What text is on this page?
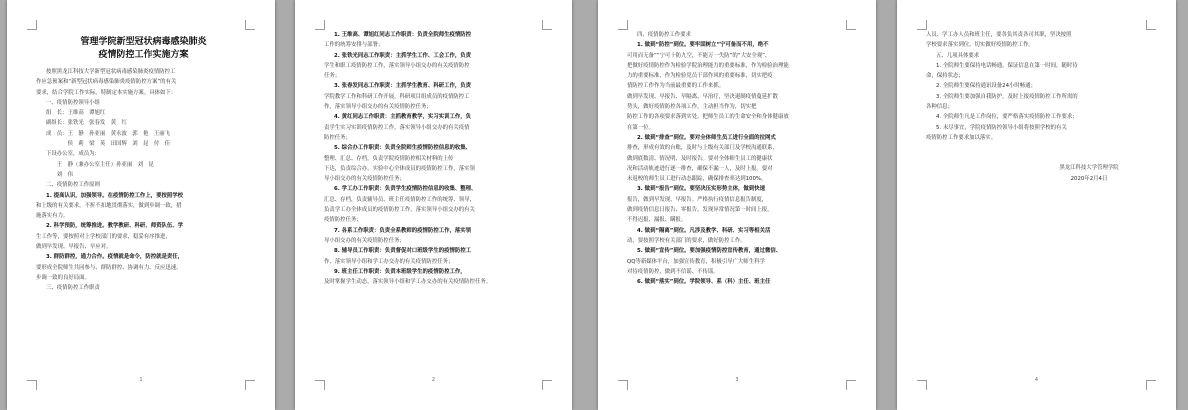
管理学院新型冠状病毒感染肺炎
疫情防控工作实施方案
按照黑龙江科技大学新型冠状病毒感染肺炎疫情防控工
作应急预案和“新型冠状病毒感染肺炎疫情防控方案”的有关
要求，结合学院工作实际，特制定本实施方案。具体如下：
一、疫情防控领导小组
组　长：王维高　谭旭红
副组长：张铁光　张春发　黄　红
成　员：王　静　孙亚丽　黄永波　郭　艳　王丽飞
　　　　侯　莉　梁　英　田国辉　刘　昆　付　佳
下设办公室，成员为：
　　王　静（兼办公室主任）孙亚丽　刘　昆
　　刘　伟
二、疫情防控工作原则
1. 提高认识，加强领导。在疫情防控工作上，要按照学校
和上级的有关要求，不折不扣地贯彻落实，做到步调一致，措
施落实有力。
2. 科学预防，统筹推进。教学教研、科研、师资队伍、学
生工作等，要按照对上学校部门的要求，稳妥有序推进，
做到早发现、早报告、早应对。
3. 群防群控，通力合作。疫情就是命令，防控就是责任，
要形成全院师生共同参与、群防群控、协调有力、反应迅速、
步调一致的良好局面。
三、疫情防控工作职责
1
1. 王维高、谭旭红同志工作职责：负责全院师生疫情防控
工作的统筹安排与部署；
2. 张铁光同志工作职责：主抓学生工作、工会工作，负责
学生和职工疫情防控工作，落实领导小组交办的有关疫情防控
任务；
3. 张春发同志工作职责：主抓学生教育、科研工作，负责
学院教学工作和科研工作开展，科研项目组成员的疫情防控工
作，落实领导小组交办的有关疫情防控任务；
4. 黄红同志工作职责：主抓教育教学，实习实训工作，负
责学生实习实训疫情防控工作，落实领导小组交办的有关疫情
防控任务；
5. 综合办工作职责：负责全院师生疫情防控信息的收集、
整理、汇总、存档，负责学院疫情防控相关材料的上传
下达，负责综合办、实验中心全体成员的疫情防控工作，落实领
导小组交办的有关疫情防控任务；
6. 学工办工作职责：负责学生疫情防控信息的收集、整理、
汇总、存档，负责辅导员、班主任疫情防控工作的统筹、领导，
负责学工办全体成员的疫情防控工作，落实领导小组交办的有关
疫情防控任务；
7. 各系工作职责：负责全系教师的疫情防控工作，落实领
导小组交办的有关疫情防控任务；
8. 辅导员工作职责：负责督促对口班级学生的疫情防控工
作，落实领导小组和学工办交办的有关疫情防控任务；
9. 班主任工作职责：负责本班级学生的疫情防控工作，
及时掌握学生动态，落实领导小组和学工办交办的有关疫情防控任务。
2
四、疫情防控工作要求
1. 做到“防控”到位。要牢固树立“宁可备而不用，绝不
可用而无备”“宁可十防九空，不能万一失防”的“大安全观”，
把做好疫情防控作为检验学院治理能力的重要标准，作为检验治理能
力的重要标准，作为检验党员干部作风的重要标准，切实把疫
情防控工作作为当前最重要的工作来抓。
做到早发现、早报告、早隔离、早治疗，坚决遏制疫情蔓延扩散
势头，做好疫情防控各项工作，主动担当作为，切实把
防控工作的各项要求落到实处，把师生员工的生命安全和身体健康放
在第一位。
2. 做到“排查”到位。要对全体师生员工进行全面的拉网式
排查，形成有效的台账，及时与上级有关部门及学校沟通联系，
做到底数清、情况明、及时报告。要对全体师生员工的健康状
况和活动轨迹进行逐一排查，确保不漏一人，及时上报。要对
未返校的师生员工进行动态跟踪，确保排查率达到100%。
3. 做到“报告”到位。要坚决压实形势主体，做到快速
报告，做到早发现、早报告。严格执行疫情信息报告制度，
做到疫情信息日报告、零报告，发现异常情况第一时间上报，
不得迟报、漏报、瞒报。
4. 做到“隔离”到位。凡涉及教学、科研、实习等相关活
动，要按照学校有关部门的要求，做好防控工作。
5. 做到“宣传”到位。要加强疫情防控宣传教育，通过微信、
QQ等新媒体平台，加强宣传教育，积极引导广大师生科学
对待疫情防控，做到不信谣、不传谣。
6. 做到“落实”到位。学院领导、系（科）主任、班主任
3
人员、学工办人员和班主任，要各负其责各司其职，坚决按照
学校要求落实到位，切实做好疫情防控工作。
五、几项具体要求
1. 全院师生要保持电话畅通，保证信息在第一时间，随时待
命，保持状态；
2. 全院师生要保持通讯设备24小时畅通；
3. 全院师生要加强自我防护，及时上报疫情防控工作所需的
各种信息；
4. 全院师生凡是工作岗位，要严格落实疫情防控工作要求；
5. 未尽事宜，学院疫情防控领导小组将按照学校的有关
疫情防控工作要求加以落实。
黑龙江科技大学管理学院
2020年2月4日
4
